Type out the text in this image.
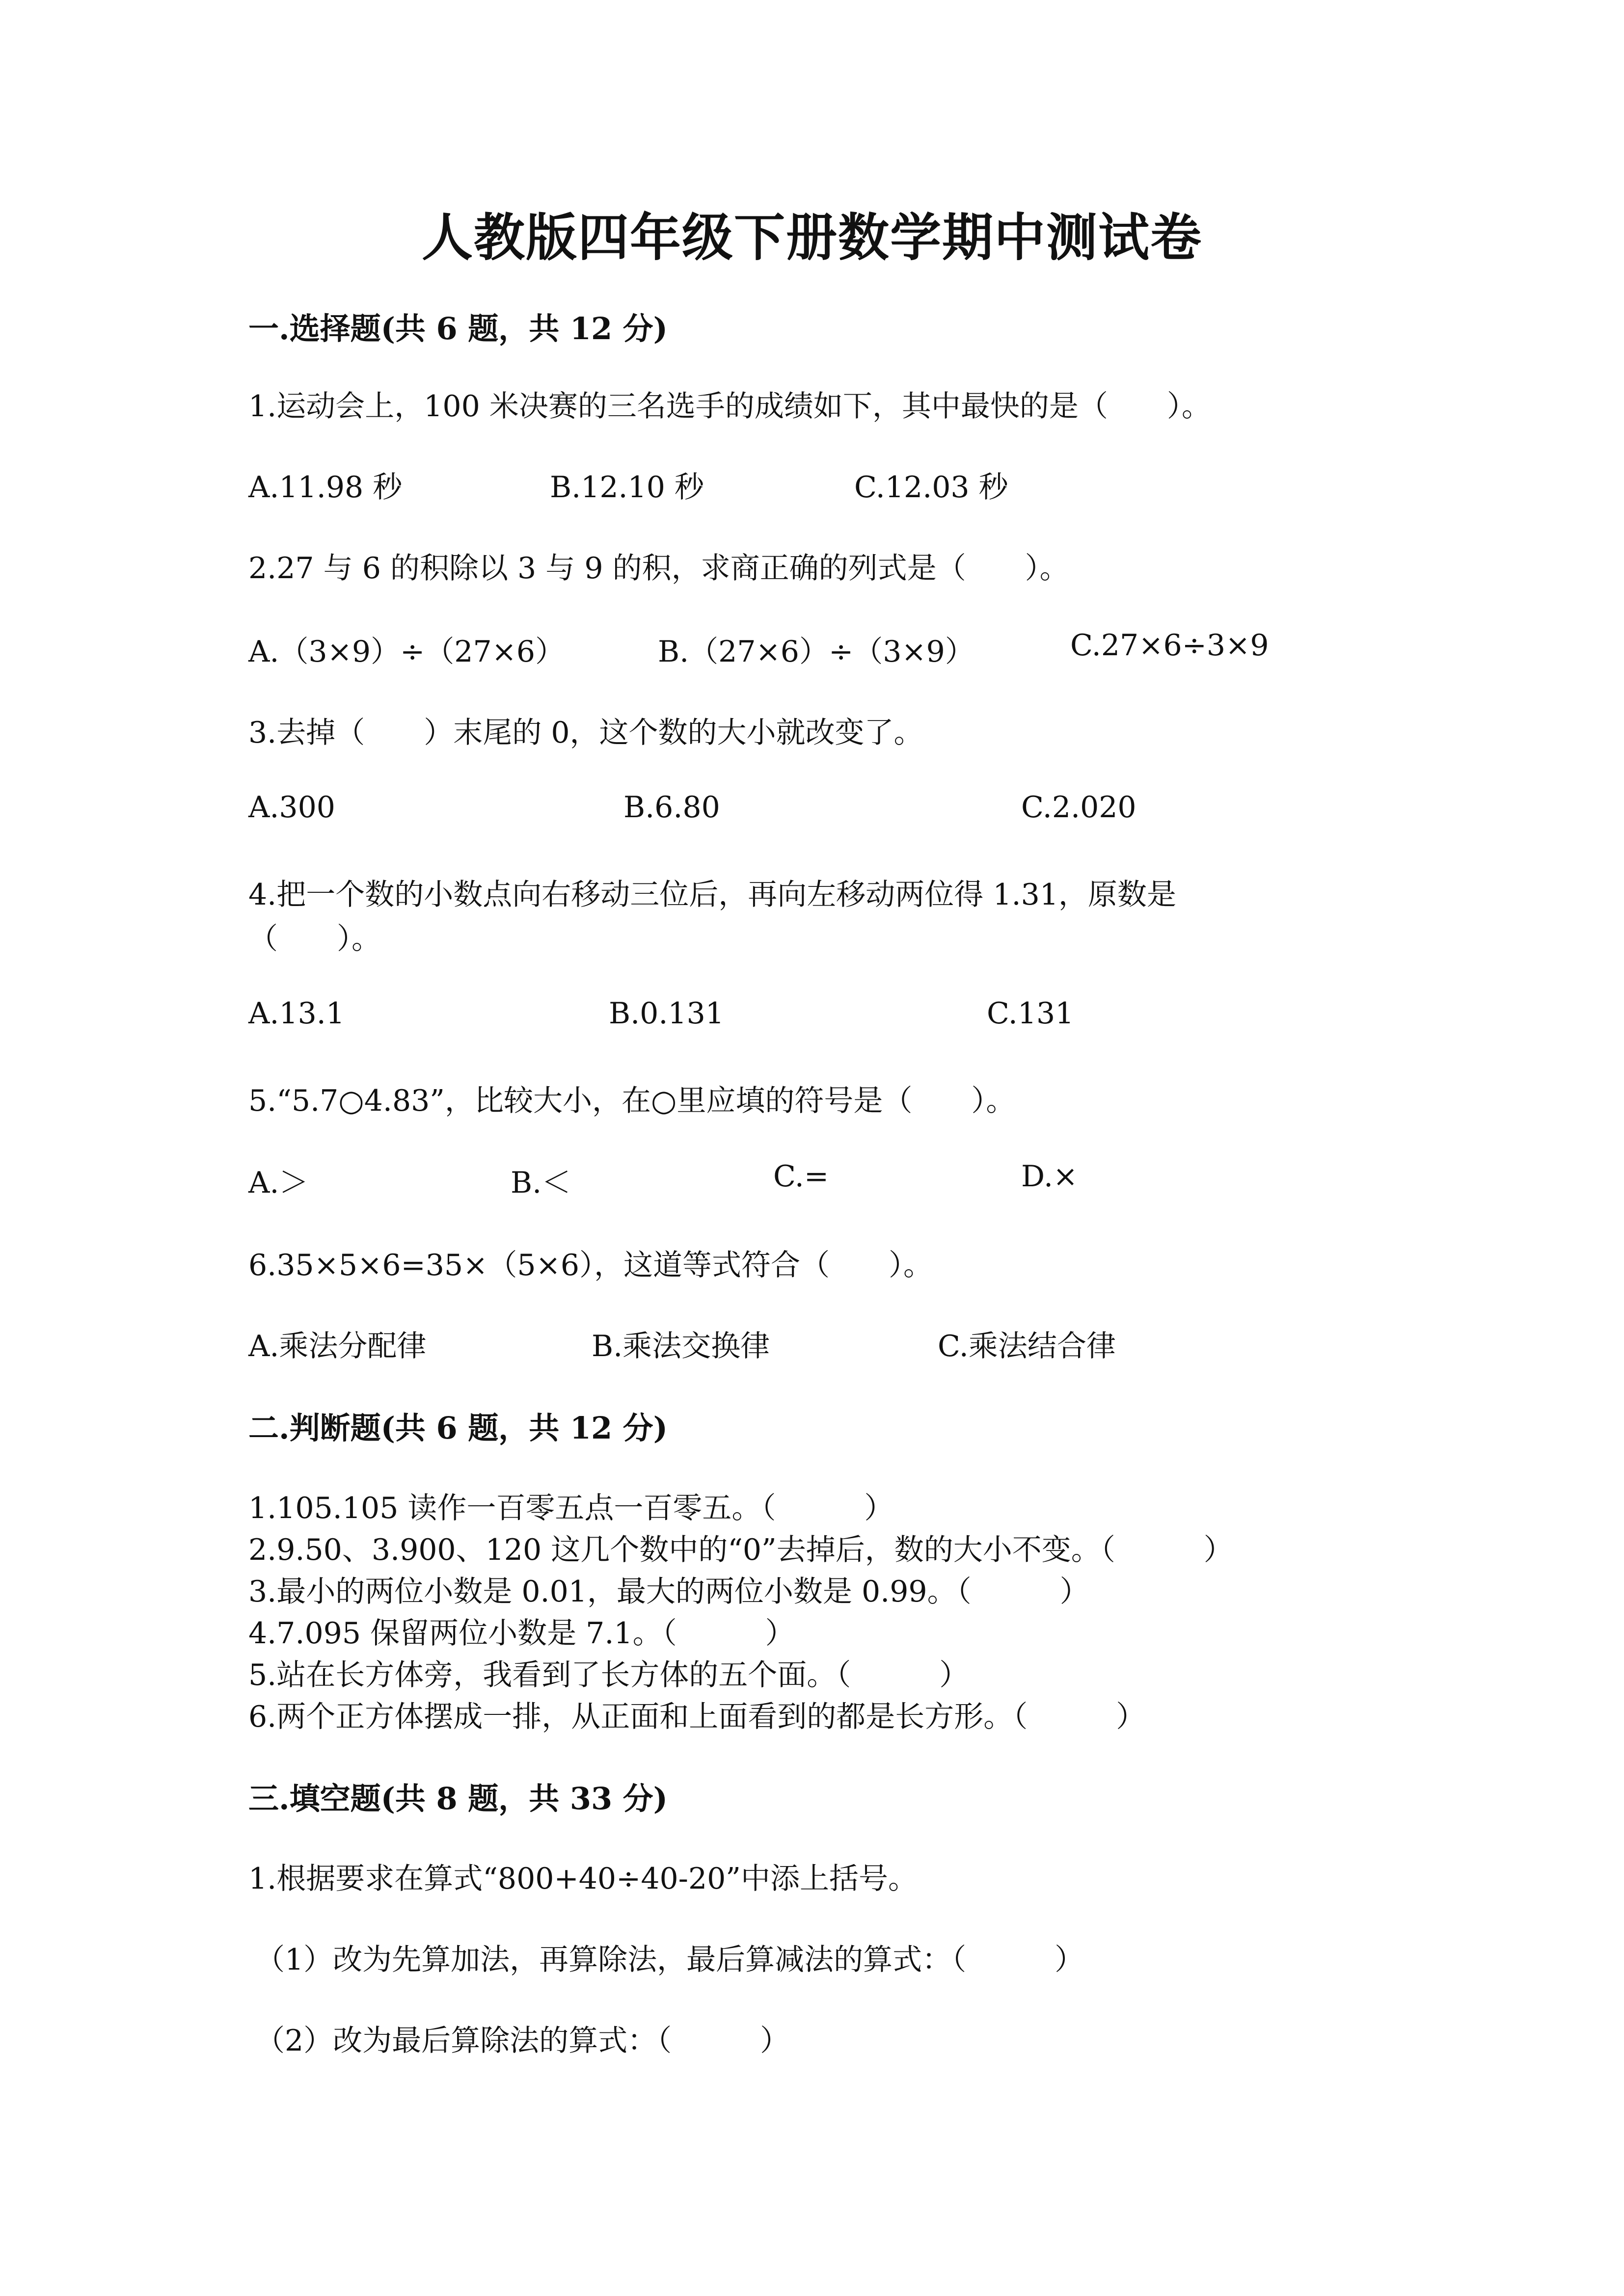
人教版四年级下册数学期中测试卷
一.选择题(共 6 题，共 12 分)
1.运动会上，100 米决赛的三名选手的成绩如下，其中最快的是（　　）。
A.11.98 秒	B.12.10 秒	C.12.03 秒
2.27 与 6 的积除以 3 与 9 的积，求商正确的列式是（　　）。
A.（3×9）÷（27×6）	B.（27×6）÷（3×9）	C.27×6÷3×9
3.去掉（　　）末尾的 0，这个数的大小就改变了。
A.300	B.6.80	C.2.020
4.把一个数的小数点向右移动三位后，再向左移动两位得 1.31，原数是
（　　）。
A.13.1	B.0.131	C.131
5.“5.7○4.83”，比较大小，在○里应填的符号是（　　）。
A.＞	B.＜	C.=	D.×
6.35×5×6=35×（5×6），这道等式符合（　　）。
A.乘法分配律	B.乘法交换律	C.乘法结合律
二.判断题(共 6 题，共 12 分)
1.105.105 读作一百零五点一百零五。（　　　）
2.9.50、3.900、120 这几个数中的“0”去掉后，数的大小不变。（　　　）
3.最小的两位小数是 0.01，最大的两位小数是 0.99。（　　　）
4.7.095 保留两位小数是 7.1。（　　　）
5.站在长方体旁，我看到了长方体的五个面。（　　　）
6.两个正方体摆成一排，从正面和上面看到的都是长方形。（　　　）
三.填空题(共 8 题，共 33 分)
1.根据要求在算式“800+40÷40-20”中添上括号。
（1）改为先算加法，再算除法，最后算减法的算式：（　　　）
（2）改为最后算除法的算式：（　　　）
